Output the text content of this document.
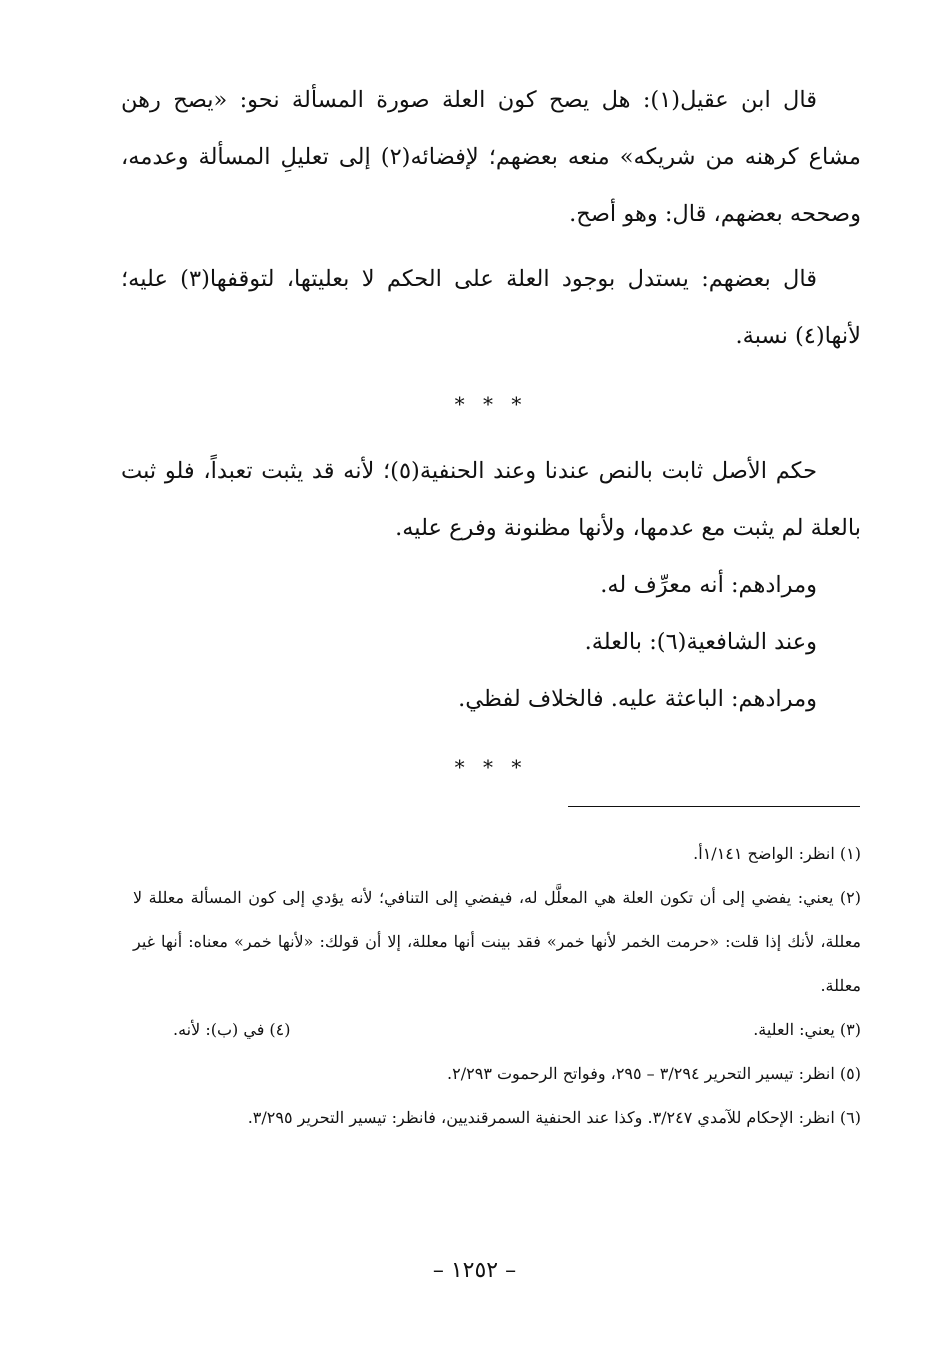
قال ابن عقيل(١): هل يصح كون العلة صورة المسألة نحو: «يصح رهن مشاع كرهنه من شريكه» منعه بعضهم؛ لإفضائه(٢) إلى تعليلِ المسألة وعدمه، وصححه بعضهم، قال: وهو أصح.

قال بعضهم: يستدل بوجود العلة على الحكم لا بعليتها، لتوقفها(٣) عليه؛ لأنها(٤) نسبة.

* * *

حكم الأصل ثابت بالنص عندنا وعند الحنفية(٥)؛ لأنه قد يثبت تعبداً، فلو ثبت بالعلة لم يثبت مع عدمها، ولأنها مظنونة وفرع عليه.

ومرادهم: أنه معرِّف له.

وعند الشافعية(٦): بالعلة.

ومرادهم: الباعثة عليه. فالخلاف لفظي.

* * *

(١) انظر: الواضح ١/١٤١أ.

(٢) يعني: يفضي إلى أن تكون العلة هي المعلَّل له، فيفضي إلى التنافي؛ لأنه يؤدي إلى كون المسألة معللة لا معللة، لأنك إذا قلت: «حرمت الخمر لأنها خمر» فقد بينت أنها معللة، إلا أن قولك: «لأنها خمر» معناه: أنها غير معللة.

(٣) يعني: العلية.
(٤) في (ب): لأنه.

(٥) انظر: تيسير التحرير ٣/٢٩٤ – ٢٩٥، وفواتح الرحموت ٢/٢٩٣.

(٦) انظر: الإحكام للآمدي ٣/٢٤٧. وكذا عند الحنفية السمرقنديين، فانظر: تيسير التحرير ٣/٢٩٥.

– ١٢٥٢ –
